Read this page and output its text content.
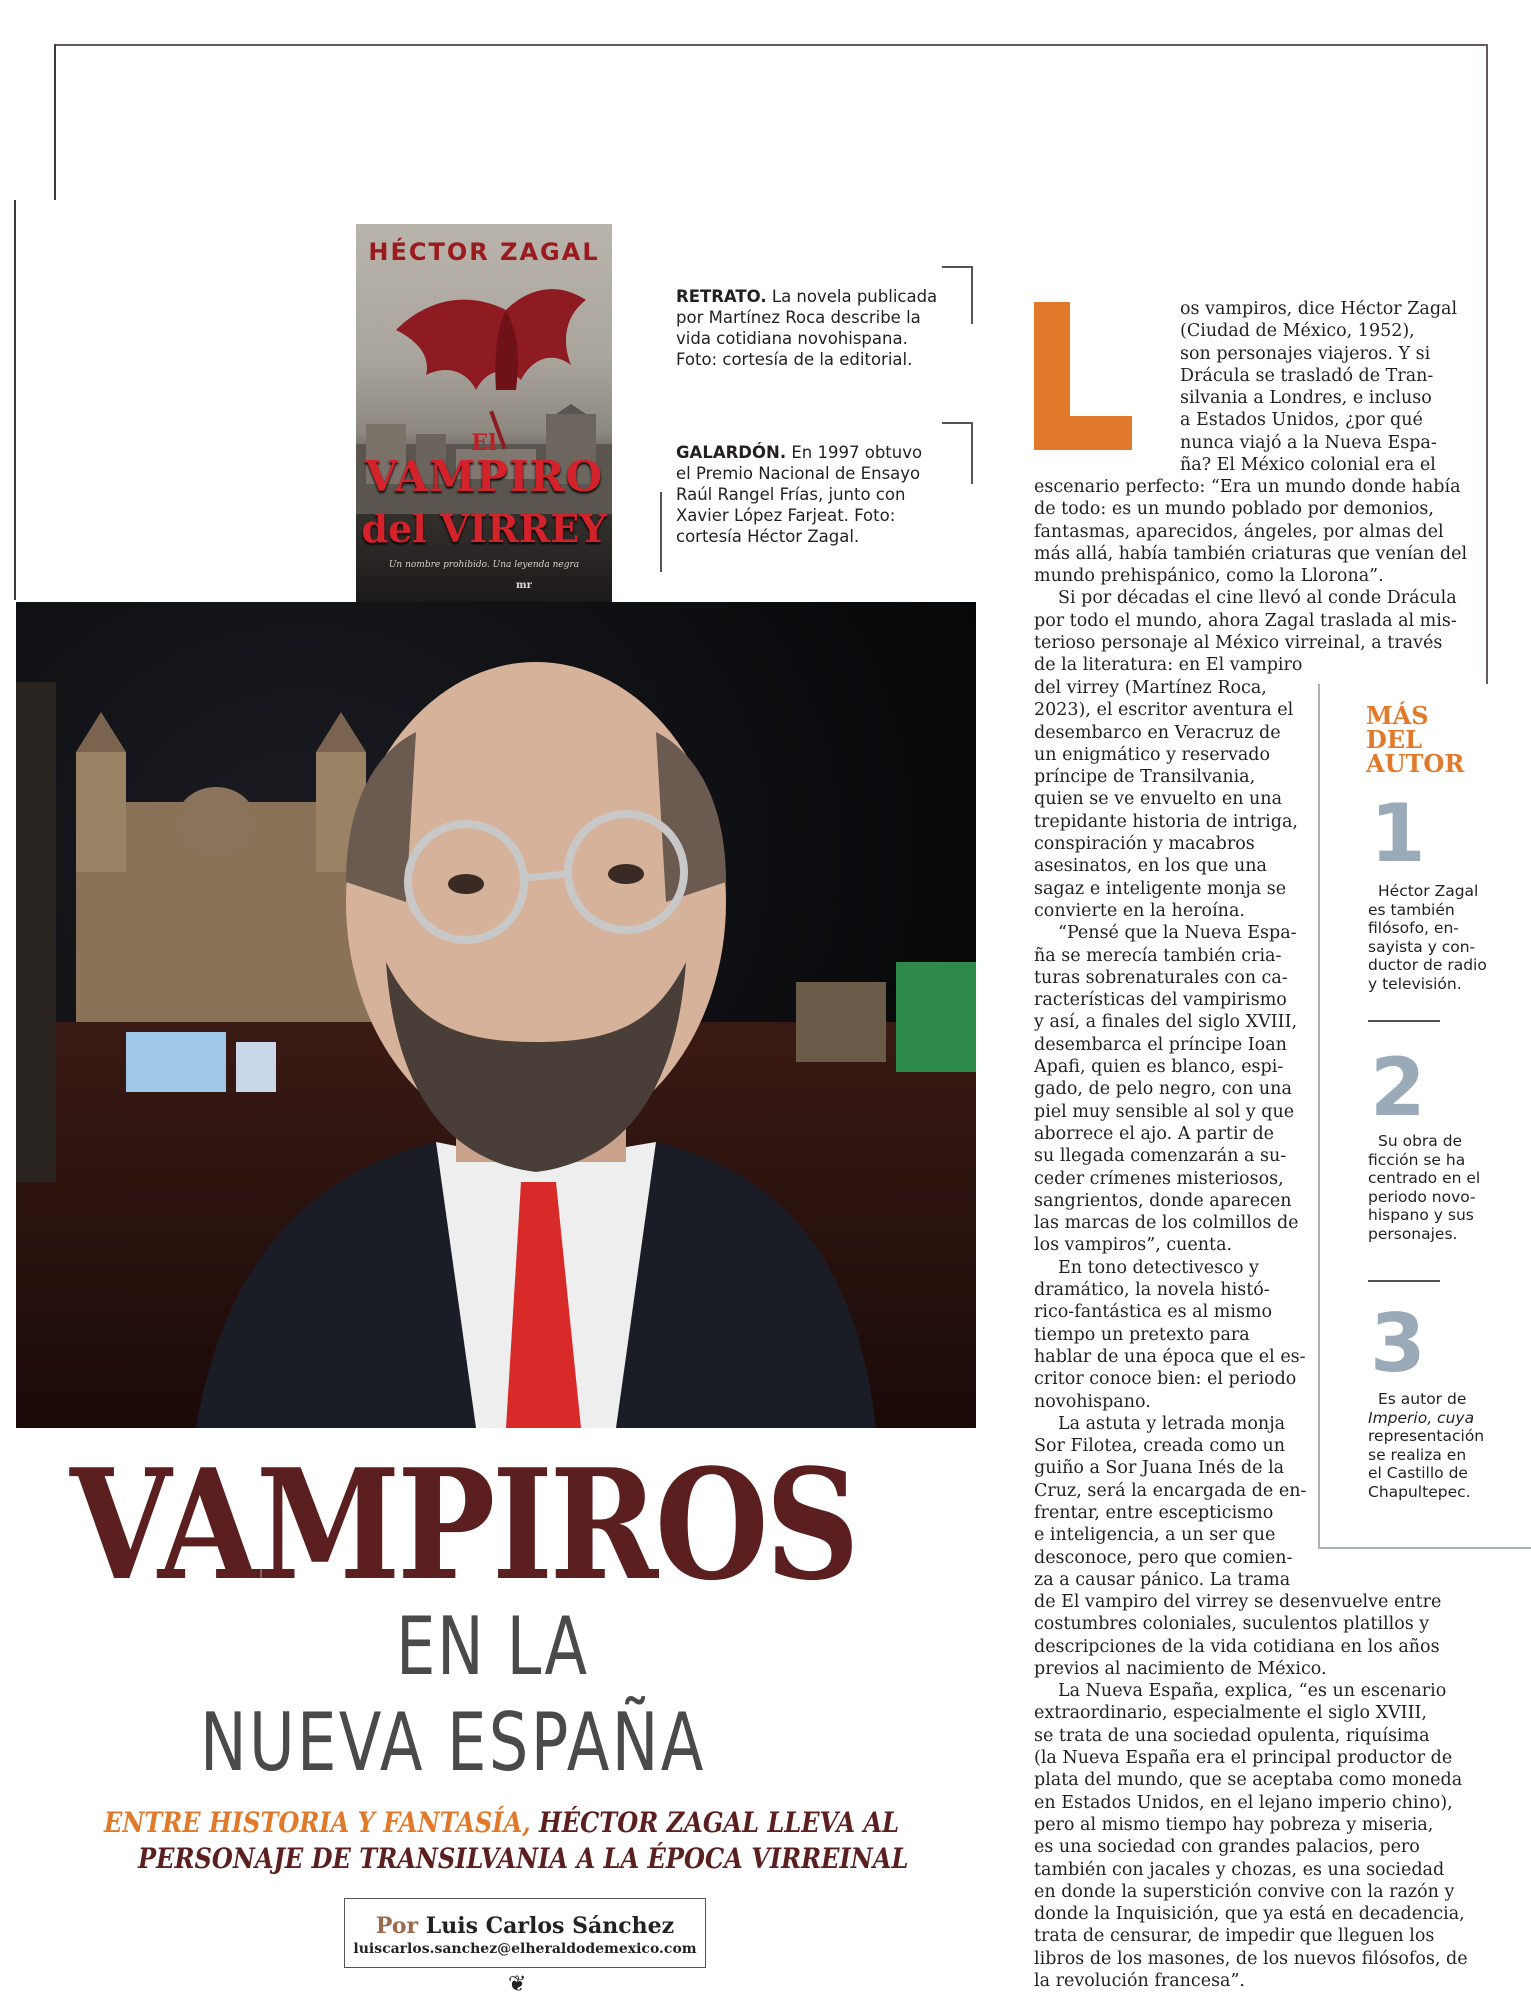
HÉCTOR ZAGAL
El
VAMPIRO
del VIRREY
Un nombre prohibido. Una leyenda negra
mr
RETRATO. La novela publicada
por Martínez Roca describe la
vida cotidiana novohispana.
Foto: cortesía de la editorial.
GALARDÓN. En 1997 obtuvo
el Premio Nacional de Ensayo
Raúl Rangel Frías, junto con
Xavier López Farjeat. Foto:
cortesía Héctor Zagal.
VAMPIROS
EN LA
NUEVA ESPAÑA
ENTRE HISTORIA Y FANTASÍA, HÉCTOR ZAGAL LLEVA AL
PERSONAJE DE TRANSILVANIA A LA ÉPOCA VIRREINAL
Por Luis Carlos Sánchez
luiscarlos.sanchez@elheraldodemexico.com
❦

os vampiros, dice Héctor Zagal

(Ciudad de México, 1952),

son personajes viajeros. Y si

Drácula se trasladó de Tran-

silvania a Londres, e incluso

a Estados Unidos, ¿por qué

nunca viajó a la Nueva Espa-

ña? El México colonial era el

escenario perfecto: “Era un mundo donde había

de todo: es un mundo poblado por demonios,

fantasmas, aparecidos, ángeles, por almas del

más allá, había también criaturas que venían del

mundo prehispánico, como la Llorona”.

Si por décadas el cine llevó al conde Drácula

por todo el mundo, ahora Zagal traslada al mis-

terioso personaje al México virreinal, a través

de la literatura: en El vampiro

del virrey (Martínez Roca,

2023), el escritor aventura el

desembarco en Veracruz de

un enigmático y reservado

príncipe de Transilvania,

quien se ve envuelto en una

trepidante historia de intriga,

conspiración y macabros

asesinatos, en los que una

sagaz e inteligente monja se

convierte en la heroína.

“Pensé que la Nueva Espa-

ña se merecía también cria-

turas sobrenaturales con ca-

racterísticas del vampirismo

y así, a finales del siglo XVIII,

desembarca el príncipe Ioan

Apafi, quien es blanco, espi-

gado, de pelo negro, con una

piel muy sensible al sol y que

aborrece el ajo. A partir de

su llegada comenzarán a su-

ceder crímenes misteriosos,

sangrientos, donde aparecen

las marcas de los colmillos de

los vampiros”, cuenta.

En tono detectivesco y

dramático, la novela histó-

rico-fantástica es al mismo

tiempo un pretexto para

hablar de una época que el es-

critor conoce bien: el periodo

novohispano.

La astuta y letrada monja

Sor Filotea, creada como un

guiño a Sor Juana Inés de la

Cruz, será la encargada de en-

frentar, entre escepticismo

e inteligencia, a un ser que

desconoce, pero que comien-

za a causar pánico. La trama

de El vampiro del virrey se desenvuelve entre

costumbres coloniales, suculentos platillos y

descripciones de la vida cotidiana en los años

previos al nacimiento de México.

La Nueva España, explica, “es un escenario

extraordinario, especialmente el siglo XVIII,

se trata de una sociedad opulenta, riquísima

(la Nueva España era el principal productor de

plata del mundo, que se aceptaba como moneda

en Estados Unidos, en el lejano imperio chino),

pero al mismo tiempo hay pobreza y miseria,

es una sociedad con grandes palacios, pero

también con jacales y chozas, es una sociedad

en donde la superstición convive con la razón y

donde la Inquisición, que ya está en decadencia,

trata de censurar, de impedir que lleguen los

libros de los masones, de los nuevos filósofos, de

la revolución francesa”.

MÁS
DEL
AUTOR
1
Héctor Zagal
es también
filósofo, en-
sayista y con-
ductor de radio
y televisión.
2
Su obra de
ficción se ha
centrado en el
periodo novo-
hispano y sus
personajes.
3
Es autor de
Imperio, cuya
representación
se realiza en
el Castillo de
Chapultepec.
